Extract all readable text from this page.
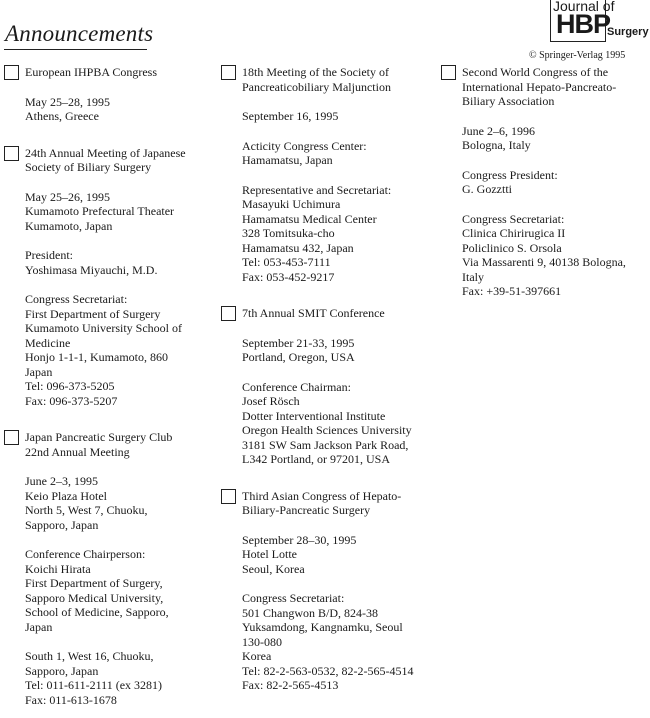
Announcements
Journal of
HBP
Surgery
© Springer-Verlag 1995
European IHPBA Congress
May 25–28, 1995
Athens, Greece
24th Annual Meeting of Japanese
Society of Biliary Surgery
May 25–26, 1995
Kumamoto Prefectural Theater
Kumamoto, Japan
President:
Yoshimasa Miyauchi, M.D.
Congress Secretariat:
First Department of Surgery
Kumamoto University School of
Medicine
Honjo 1-1-1, Kumamoto, 860
Japan
Tel: 096-373-5205
Fax: 096-373-5207
Japan Pancreatic Surgery Club
22nd Annual Meeting
June 2–3, 1995
Keio Plaza Hotel
North 5, West 7, Chuoku,
Sapporo, Japan
Conference Chairperson:
Koichi Hirata
First Department of Surgery,
Sapporo Medical University,
School of Medicine, Sapporo,
Japan
South 1, West 16, Chuoku,
Sapporo, Japan
Tel: 011-611-2111 (ex 3281)
Fax: 011-613-1678
18th Meeting of the Society of
Pancreaticobiliary Maljunction
September 16, 1995
Acticity Congress Center:
Hamamatsu, Japan
Representative and Secretariat:
Masayuki Uchimura
Hamamatsu Medical Center
328 Tomitsuka-cho
Hamamatsu 432, Japan
Tel: 053-453-7111
Fax: 053-452-9217
7th Annual SMIT Conference
September 21-33, 1995
Portland, Oregon, USA
Conference Chairman:
Josef Rösch
Dotter Interventional Institute
Oregon Health Sciences University
3181 SW Sam Jackson Park Road,
L342 Portland, or 97201, USA
Third Asian Congress of Hepato-
Biliary-Pancreatic Surgery
September 28–30, 1995
Hotel Lotte
Seoul, Korea
Congress Secretariat:
501 Changwon B/D, 824-38
Yuksamdong, Kangnamku, Seoul
130-080
Korea
Tel: 82-2-563-0532, 82-2-565-4514
Fax: 82-2-565-4513
Second World Congress of the
International Hepato-Pancreato-
Biliary Association
June 2–6, 1996
Bologna, Italy
Congress President:
G. Gozztti
Congress Secretariat:
Clinica Chirirugica II
Policlinico S. Orsola
Via Massarenti 9, 40138 Bologna,
Italy
Fax: +39-51-397661
